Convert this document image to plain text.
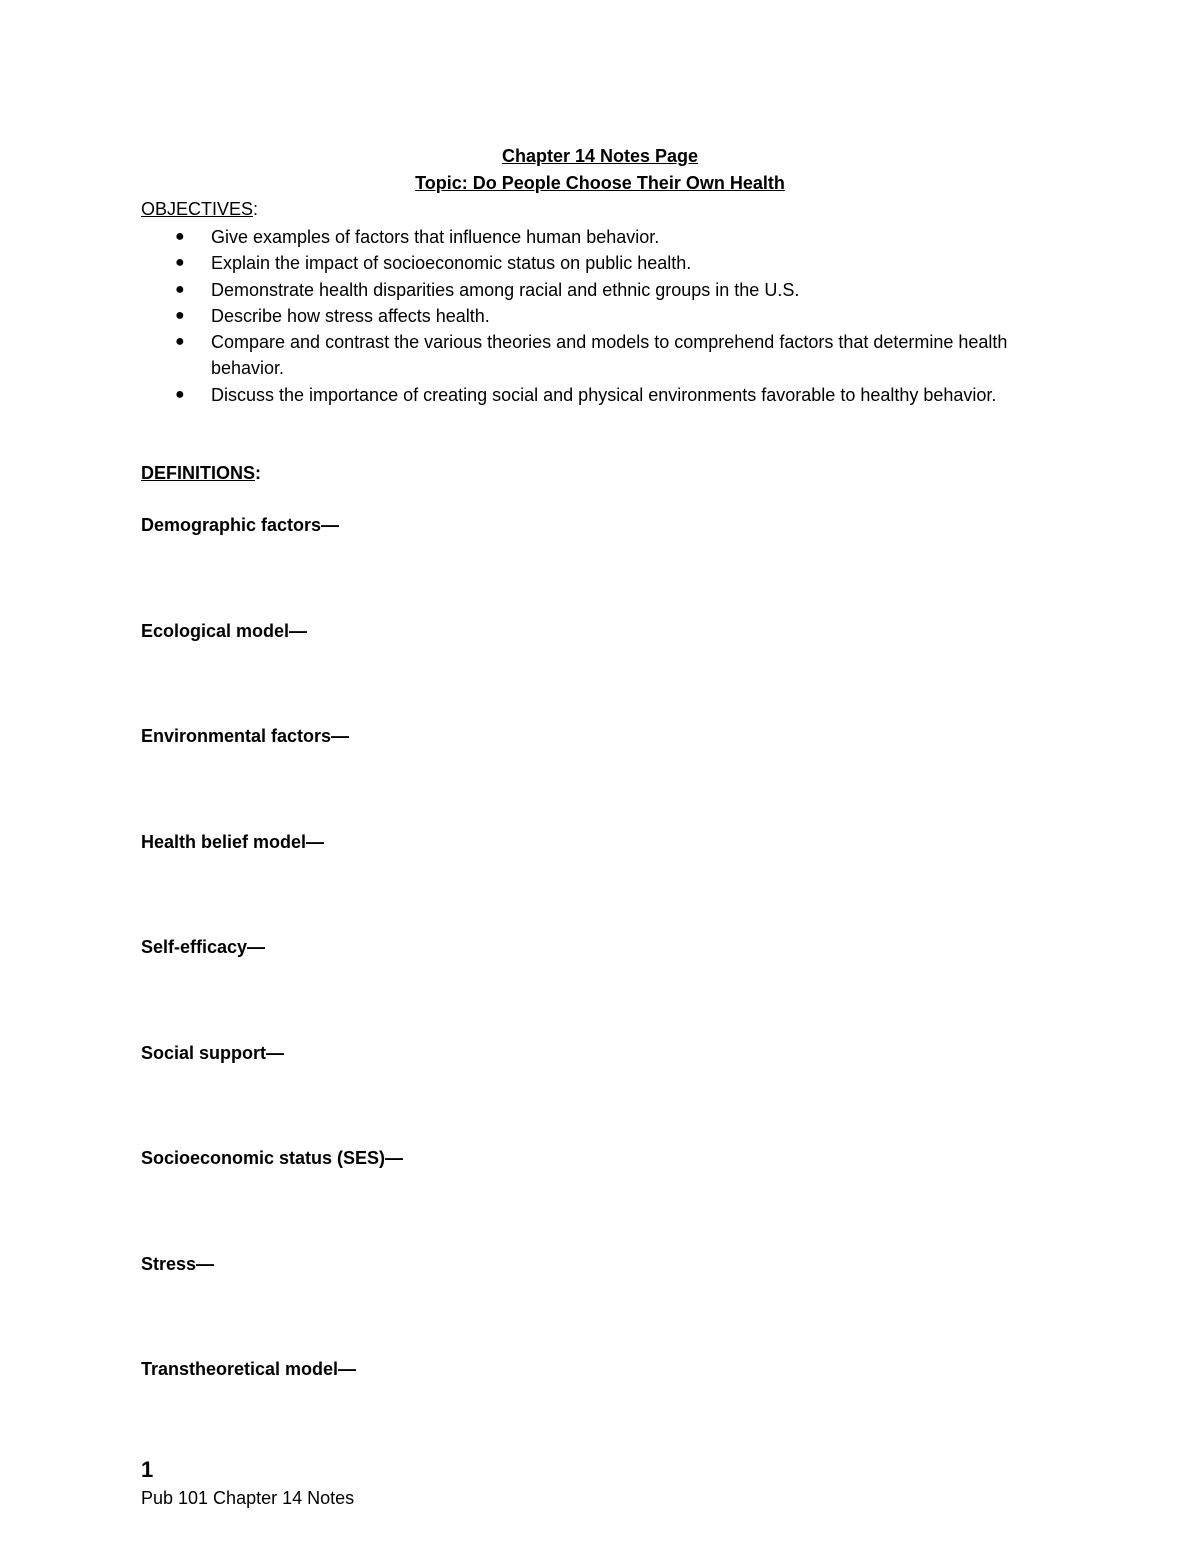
Chapter 14 Notes Page
Topic: Do People Choose Their Own Health
OBJECTIVES:
● Give examples of factors that influence human behavior.
● Explain the impact of socioeconomic status on public health.
● Demonstrate health disparities among racial and ethnic groups in the U.S.
● Describe how stress affects health.
● Compare and contrast the various theories and models to comprehend factors that determine health behavior.
● Discuss the importance of creating social and physical environments favorable to healthy behavior.
DEFINITIONS:
Demographic factors—
Ecological model—
Environmental factors—
Health belief model—
Self-efficacy—
Social support—
Socioeconomic status (SES)—
Stress—
Transtheoretical model—
1
Pub 101 Chapter 14 Notes
